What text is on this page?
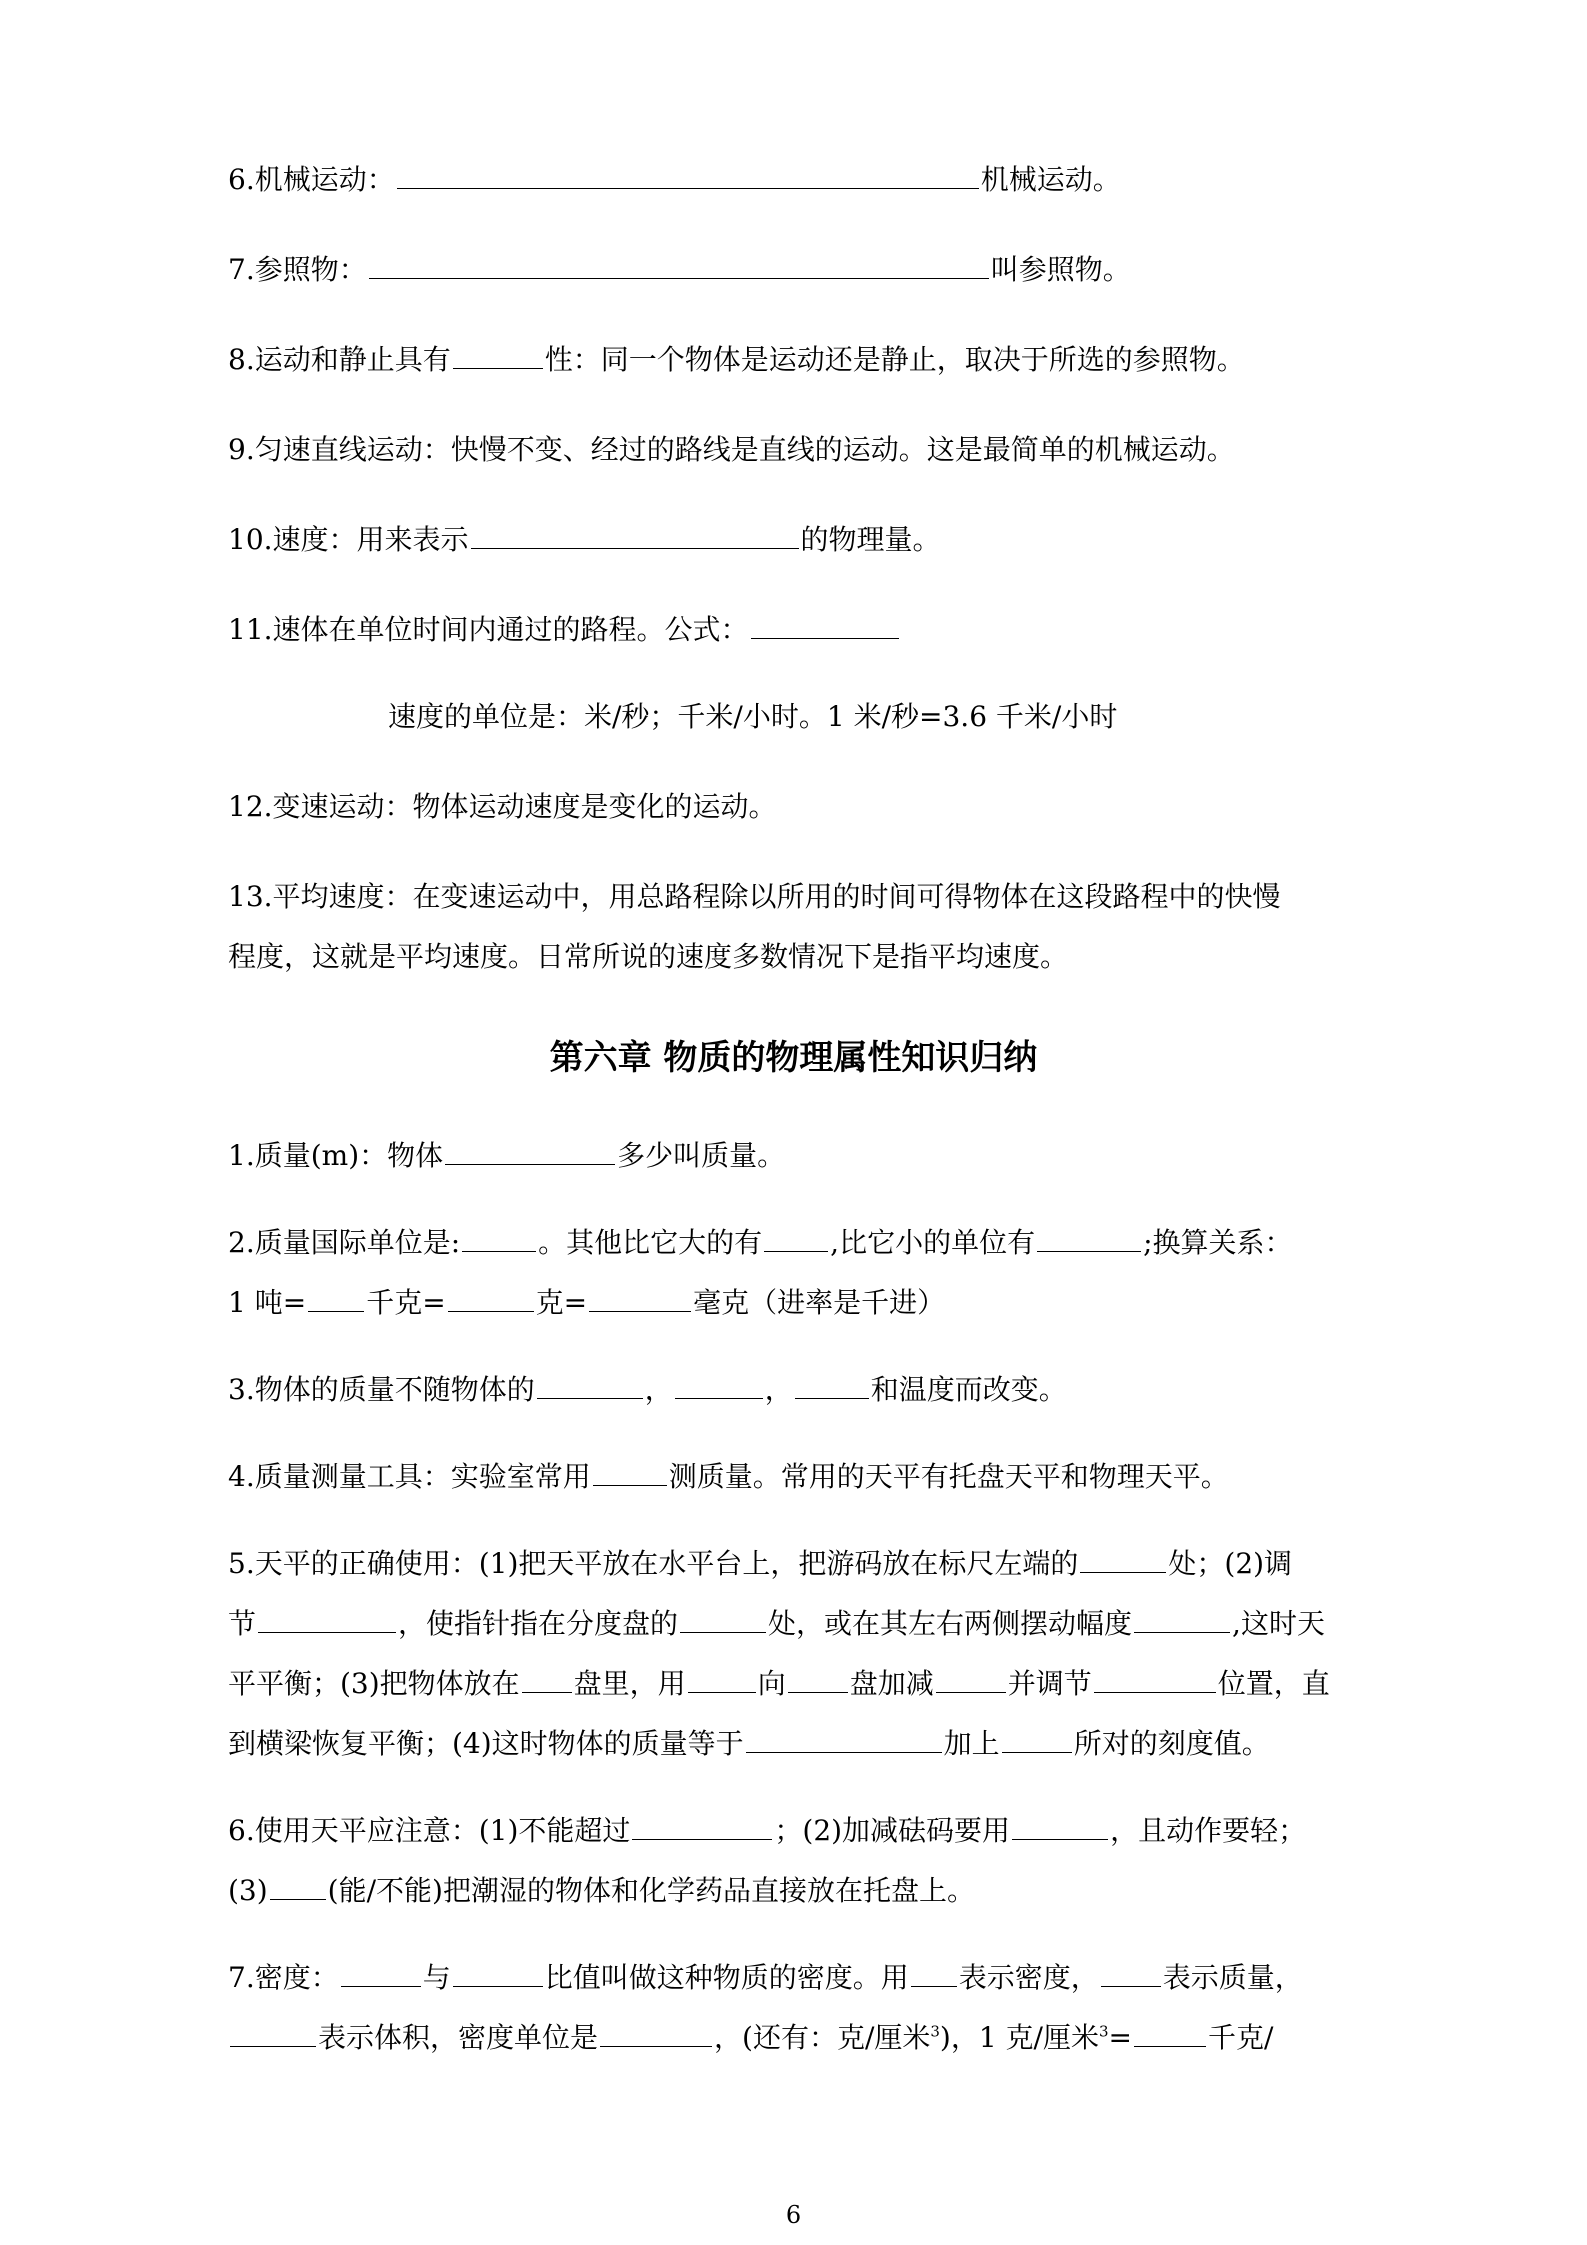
6.机械运动：	机械运动。

7.参照物：	叫参照物。

8.运动和静止具有	性：同一个物体是运动还是静止，取决于所选的参照物。

9.匀速直线运动：快慢不变、经过的路线是直线的运动。这是最简单的机械运动。

10.速度：用来表示	的物理量。

11.速体在单位时间内通过的路程。公式：

速度的单位是：米/秒；千米/小时。1 米/秒=3.6 千米/小时

12.变速运动：物体运动速度是变化的运动。

13.平均速度：在变速运动中，用总路程除以所用的时间可得物体在这段路程中的快慢

程度，这就是平均速度。日常所说的速度多数情况下是指平均速度。

第六章 物质的物理属性知识归纳

1.质量(m)：物体	多少叫质量。

2.质量国际单位是:	。其他比它大的有 ,比它小的单位有	;换算关系：

1 吨= 千克=	克=	毫克（进率是千进）

3.物体的质量不随物体的	，	，	和温度而改变。

4.质量测量工具：实验室常用	测质量。常用的天平有托盘天平和物理天平。

5.天平的正确使用：(1)把天平放在水平台上，把游码放在标尺左端的	处；(2)调

节	，使指针指在分度盘的	处，或在其左右两侧摆动幅度	,这时天

平平衡；(3)把物体放在 盘里，用	向 盘加减	并调节	位置，直

到横梁恢复平衡；(4)这时物体的质量等于	加上	所对的刻度值。

6.使用天平应注意：(1)不能超过	；(2)加减砝码要用	，且动作要轻；

(3) (能/不能)把潮湿的物体和化学药品直接放在托盘上。

7.密度：	与	比值叫做这种物质的密度。用 表示密度， 表示质量，

表示体积，密度单位是	，(还有：克/厘米$^3$)，1 克/厘米$^3$=	千克/

6
